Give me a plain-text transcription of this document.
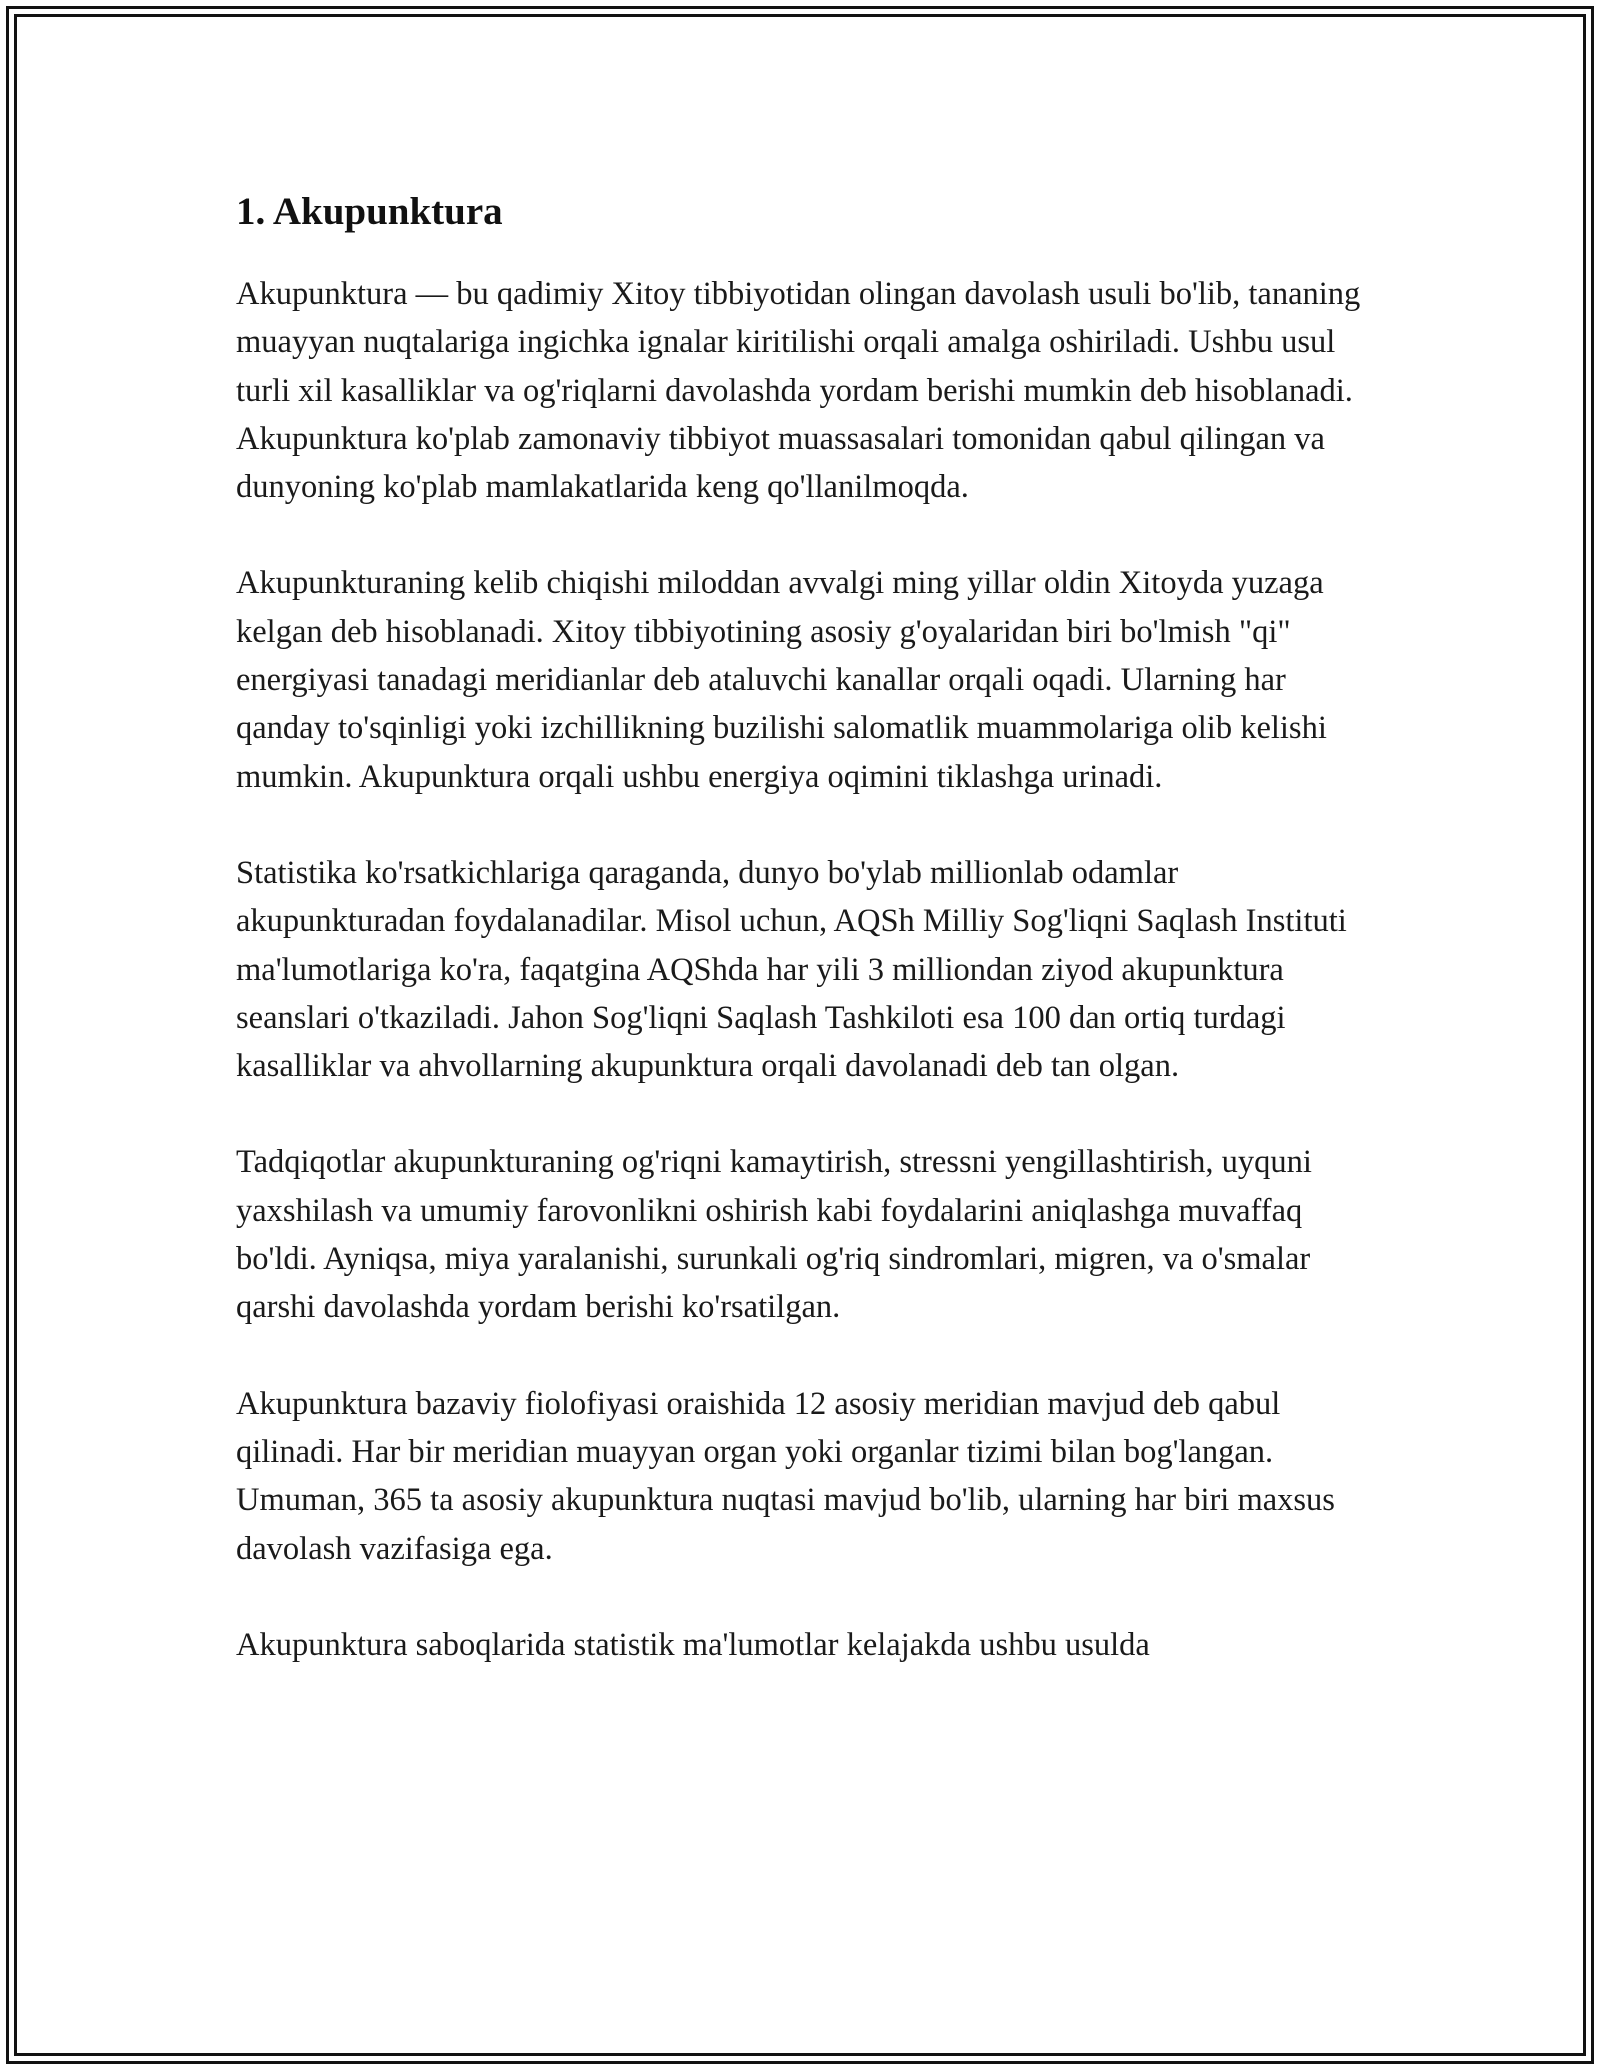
1. Akupunktura

Akupunktura — bu qadimiy Xitoy tibbiyotidan olingan davolash usuli bo'lib, tananing muayyan nuqtalariga ingichka ignalar kiritilishi orqali amalga oshiriladi. Ushbu usul turli xil kasalliklar va og'riqlarni davolashda yordam berishi mumkin deb hisoblanadi. Akupunktura ko'plab zamonaviy tibbiyot muassasalari tomonidan qabul qilingan va dunyoning ko'plab mamlakatlarida keng qo'llanilmoqda.

Akupunkturaning kelib chiqishi miloddan avvalgi ming yillar oldin Xitoyda yuzaga kelgan deb hisoblanadi. Xitoy tibbiyotining asosiy g'oyalaridan biri bo'lmish "qi" energiyasi tanadagi meridianlar deb ataluvchi kanallar orqali oqadi. Ularning har qanday to'sqinligi yoki izchillikning buzilishi salomatlik muammolariga olib kelishi mumkin. Akupunktura orqali ushbu energiya oqimini tiklashga urinadi.

Statistika ko'rsatkichlariga qaraganda, dunyo bo'ylab millionlab odamlar akupunkturadan foydalanadilar. Misol uchun, AQSh Milliy Sog'liqni Saqlash Instituti ma'lumotlariga ko'ra, faqatgina AQShda har yili 3 milliondan ziyod akupunktura seanslari o'tkaziladi. Jahon Sog'liqni Saqlash Tashkiloti esa 100 dan ortiq turdagi kasalliklar va ahvollarning akupunktura orqali davolanadi deb tan olgan.

Tadqiqotlar akupunkturaning og'riqni kamaytirish, stressni yengillashtirish, uyquni yaxshilash va umumiy farovonlikni oshirish kabi foydalarini aniqlashga muvaffaq bo'ldi. Ayniqsa, miya yaralanishi, surunkali og'riq sindromlari, migren, va o'smalar qarshi davolashda yordam berishi ko'rsatilgan.

Akupunktura bazaviy fiolofiyasi oraishida 12 asosiy meridian mavjud deb qabul qilinadi. Har bir meridian muayyan organ yoki organlar tizimi bilan bog'langan. Umuman, 365 ta asosiy akupunktura nuqtasi mavjud bo'lib, ularning har biri maxsus davolash vazifasiga ega.

Akupunktura saboqlarida statistik ma'lumotlar kelajakda ushbu usulda
